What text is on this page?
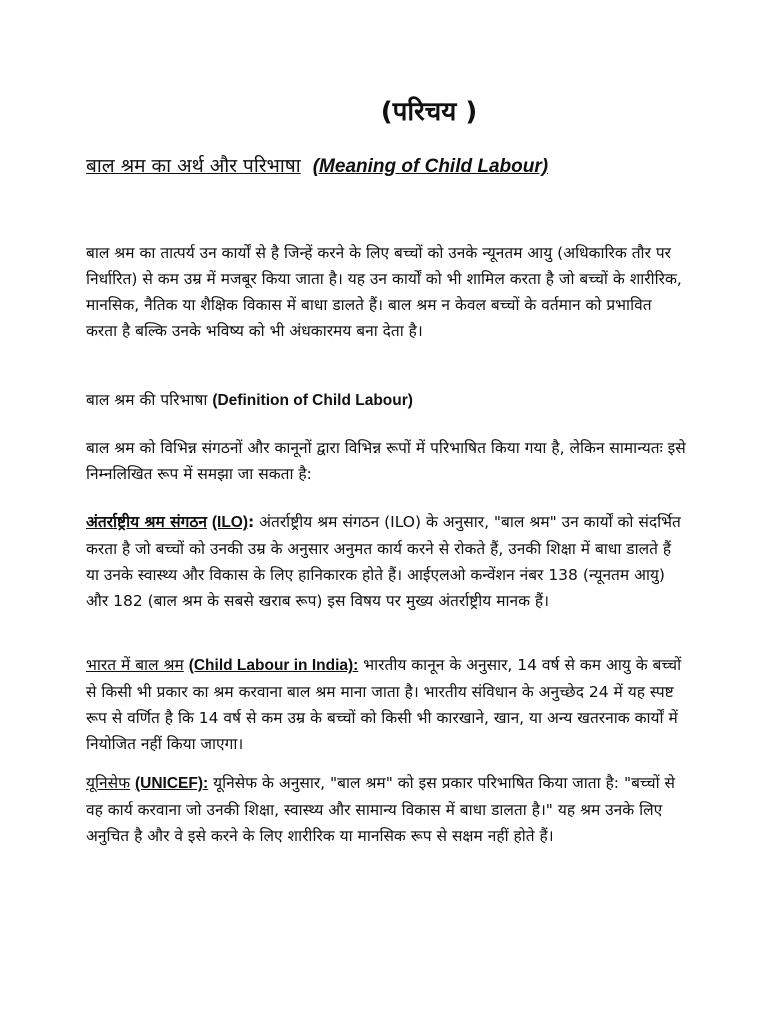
(परिचय )
बाल श्रम का अर्थ और परिभाषा (Meaning of Child Labour)

बाल श्रम का तात्पर्य उन कार्यों से है जिन्हें करने के लिए बच्चों को उनके न्यूनतम आयु (अधिकारिक तौर पर निर्धारित) से कम उम्र में मजबूर किया जाता है। यह उन कार्यों को भी शामिल करता है जो बच्चों के शारीरिक, मानसिक, नैतिक या शैक्षिक विकास में बाधा डालते हैं। बाल श्रम न केवल बच्चों के वर्तमान को प्रभावित करता है बल्कि उनके भविष्य को भी अंधकारमय बना देता है।

बाल श्रम की परिभाषा (Definition of Child Labour)

बाल श्रम को विभिन्न संगठनों और कानूनों द्वारा विभिन्न रूपों में परिभाषित किया गया है, लेकिन सामान्यतः इसे निम्नलिखित रूप में समझा जा सकता है:

अंतर्राष्ट्रीय श्रम संगठन (ILO): अंतर्राष्ट्रीय श्रम संगठन (ILO) के अनुसार, "बाल श्रम" उन कार्यों को संदर्भित करता है जो बच्चों को उनकी उम्र के अनुसार अनुमत कार्य करने से रोकते हैं, उनकी शिक्षा में बाधा डालते हैं या उनके स्वास्थ्य और विकास के लिए हानिकारक होते हैं। आईएलओ कन्वेंशन नंबर 138 (न्यूनतम आयु) और 182 (बाल श्रम के सबसे खराब रूप) इस विषय पर मुख्य अंतर्राष्ट्रीय मानक हैं।

भारत में बाल श्रम (Child Labour in India): भारतीय कानून के अनुसार, 14 वर्ष से कम आयु के बच्चों से किसी भी प्रकार का श्रम करवाना बाल श्रम माना जाता है। भारतीय संविधान के अनुच्छेद 24 में यह स्पष्ट रूप से वर्णित है कि 14 वर्ष से कम उम्र के बच्चों को किसी भी कारखाने, खान, या अन्य खतरनाक कार्यों में नियोजित नहीं किया जाएगा।

यूनिसेफ (UNICEF): यूनिसेफ के अनुसार, "बाल श्रम" को इस प्रकार परिभाषित किया जाता है: "बच्चों से वह कार्य करवाना जो उनकी शिक्षा, स्वास्थ्य और सामान्य विकास में बाधा डालता है।" यह श्रम उनके लिए अनुचित है और वे इसे करने के लिए शारीरिक या मानसिक रूप से सक्षम नहीं होते हैं।
